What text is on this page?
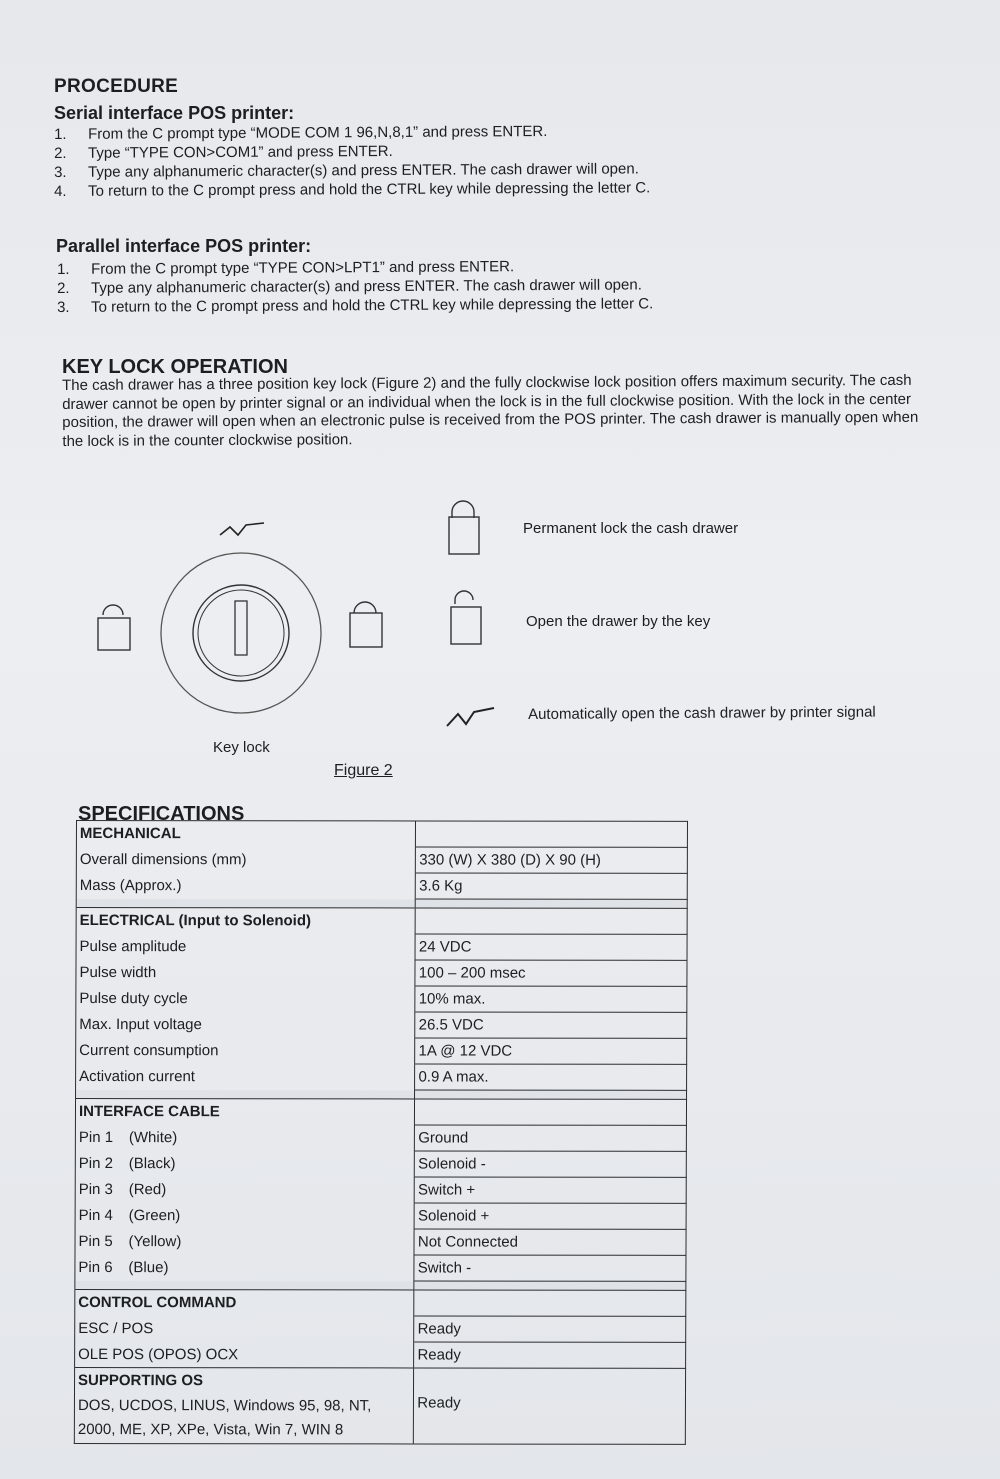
PROCEDURE
Serial interface POS printer:
1. From the C prompt type “MODE COM 1 96,N,8,1” and press ENTER.
2. Type “TYPE CON>COM1” and press ENTER.
3. Type any alphanumeric character(s) and press ENTER. The cash drawer will open.
4. To return to the C prompt press and hold the CTRL key while depressing the letter C.
Parallel interface POS printer:
1. From the C prompt type “TYPE CON>LPT1” and press ENTER.
2. Type any alphanumeric character(s) and press ENTER. The cash drawer will open.
3. To return to the C prompt press and hold the CTRL key while depressing the letter C.
KEY LOCK OPERATION
The cash drawer has a three position key lock (Figure 2) and the fully clockwise lock position offers maximum security. The cash drawer cannot be open by printer signal or an individual when the lock is in the full clockwise position. With the lock in the center position, the drawer will open when an electronic pulse is received from the POS printer. The cash drawer is manually open when the lock is in the counter clockwise position.
Permanent lock the cash drawer
Open the drawer by the key
Automatically open the cash drawer by printer signal
Key lock
Figure 2
SPECIFICATIONS
MECHANICAL	
Overall dimensions (mm)	330 (W) X 380 (D) X 90 (H)
Mass (Approx.)	3.6 Kg

ELECTRICAL (Input to Solenoid)	
Pulse amplitude	24 VDC
Pulse width	100 – 200 msec
Pulse duty cycle	10% max.
Max. Input voltage	26.5 VDC
Current consumption	1A @ 12 VDC
Activation current	0.9 A max.

INTERFACE CABLE	
Pin 1 (White)	Ground
Pin 2 (Black)	Solenoid -
Pin 3 (Red)	Switch +
Pin 4 (Green)	Solenoid +
Pin 5 (Yellow)	Not Connected
Pin 6 (Blue)	Switch -

CONTROL COMMAND	
ESC / POS	Ready
OLE POS (OPOS) OCX	Ready
SUPPORTING OS	

DOS, UCDOS, LINUS, Windows 95, 98, NT,
2000, ME, XP, XPe, Vista, Win 7, WIN 8	Ready
